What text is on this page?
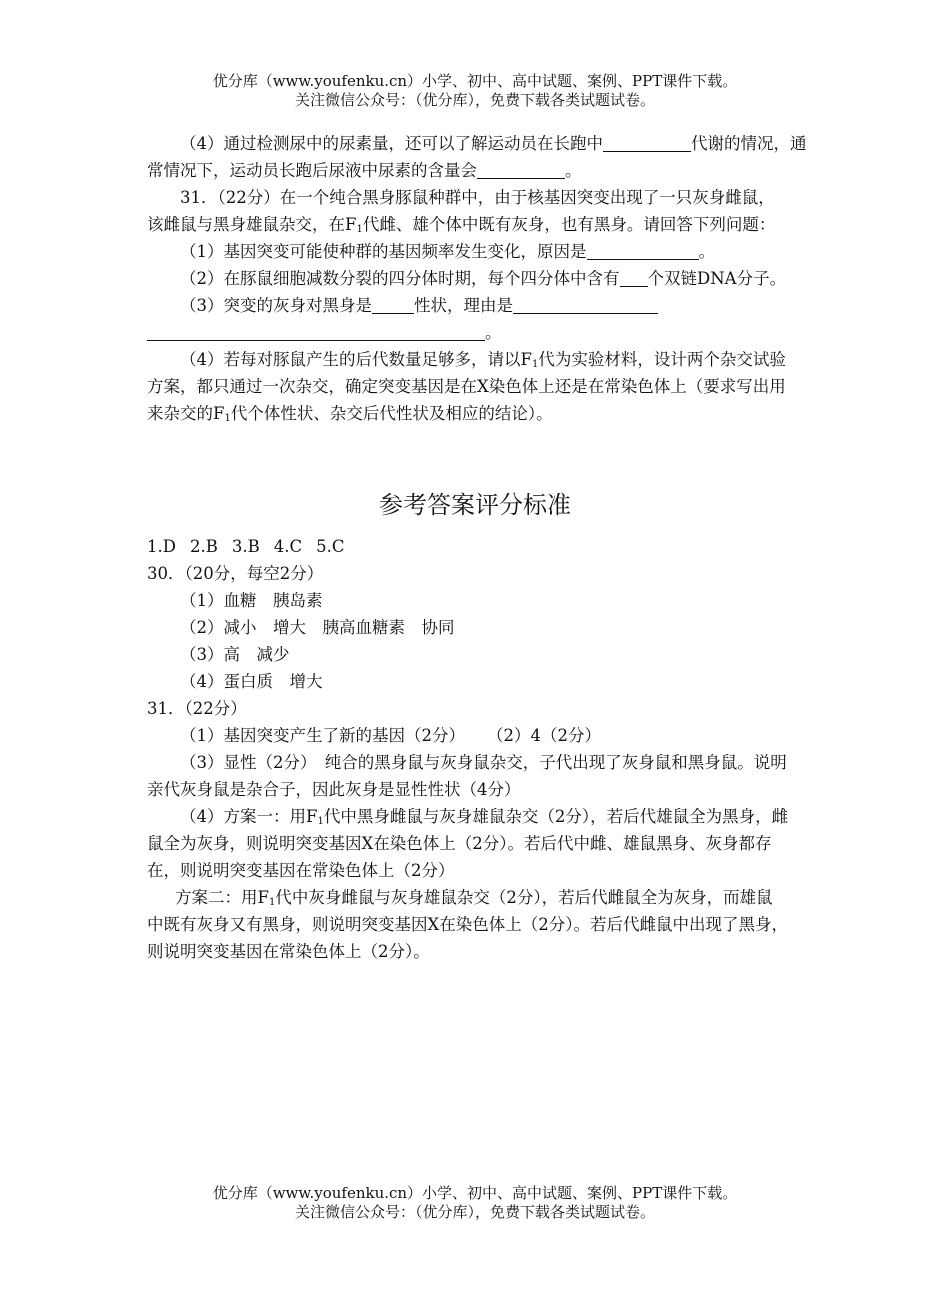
优分库（www.youfenku.cn）小学、初中、高中试题、案例、PPT课件下载。
关注微信公众号：（优分库），免费下载各类试题试卷。
（4）通过检测尿中的尿素量，还可以了解运动员在长跑中	代谢的情况，通
常情况下，运动员长跑后尿液中尿素的含量会	。
31．（22分）在一个纯合黑身豚鼠种群中，由于核基因突变出现了一只灰身雌鼠，
该雌鼠与黑身雄鼠杂交，在$F_1$代雌、雄个体中既有灰身，也有黑身。请回答下列问题：
（1）基因突变可能使种群的基因频率发生变化，原因是	。
（2）在豚鼠细胞减数分裂的四分体时期，每个四分体中含有 个双链DNA分子。
（3）突变的灰身对黑身是	性状，理由是
。
（4）若每对豚鼠产生的后代数量足够多，请以$F_1$代为实验材料，设计两个杂交试验
方案，都只通过一次杂交，确定突变基因是在X染色体上还是在常染色体上（要求写出用
来杂交的$F_1$代个体性状、杂交后代性状及相应的结论）。
参考答案评分标准
1.D 2.B 3.B 4.C 5.C
30．（20分，每空2分）
（1）血糖　胰岛素
（2）减小　增大　胰高血糖素　协同
（3）高　减少
（4）蛋白质　增大
31．（22分）
（1）基因突变产生了新的基因（2分） （2）4（2分）
（3）显性（2分）　纯合的黑身鼠与灰身鼠杂交，子代出现了灰身鼠和黑身鼠。说明
亲代灰身鼠是杂合子，因此灰身是显性性状（4分）
（4）方案一：用$F_1$代中黑身雌鼠与灰身雄鼠杂交（2分），若后代雄鼠全为黑身，雌
鼠全为灰身，则说明突变基因X在染色体上（2分）。若后代中雌、雄鼠黑身、灰身都存
在，则说明突变基因在常染色体上（2分）
方案二：用$F_1$代中灰身雌鼠与灰身雄鼠杂交（2分），若后代雌鼠全为灰身，而雄鼠
中既有灰身又有黑身，则说明突变基因X在染色体上（2分）。若后代雌鼠中出现了黑身，
则说明突变基因在常染色体上（2分）。
优分库（www.youfenku.cn）小学、初中、高中试题、案例、PPT课件下载。
关注微信公众号：（优分库），免费下载各类试题试卷。
